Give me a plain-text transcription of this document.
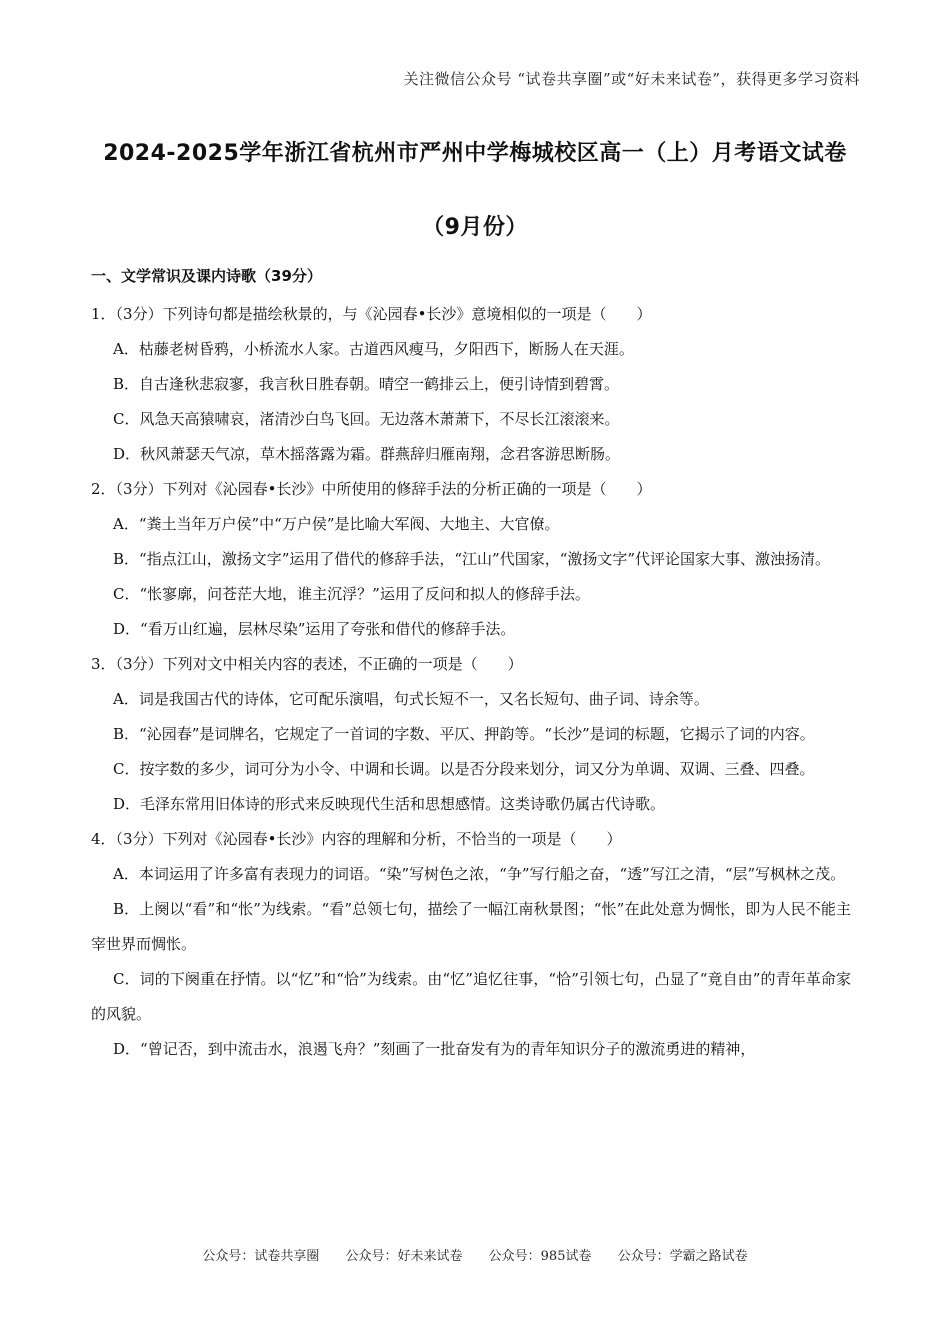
关注微信公众号 “试卷共享圈”或“好未来试卷”，获得更多学习资料
2024-2025学年浙江省杭州市严州中学梅城校区高一（上）月考语文试卷
（9月份）
一、文学常识及课内诗歌（39分）

1．（3分）下列诗句都是描绘秋景的，与《沁园春•长沙》意境相似的一项是（　　）

A．枯藤老树昏鸦，小桥流水人家。古道西风瘦马，夕阳西下，断肠人在天涯。

B．自古逢秋悲寂寥，我言秋日胜春朝。晴空一鹤排云上，便引诗情到碧霄。

C．风急天高猿啸哀，渚清沙白鸟飞回。无边落木萧萧下，不尽长江滚滚来。

D．秋风萧瑟天气凉，草木摇落露为霜。群燕辞归雁南翔，念君客游思断肠。

2．（3分）下列对《沁园春•长沙》中所使用的修辞手法的分析正确的一项是（　　）

A．“粪土当年万户侯”中“万户侯”是比喻大军阀、大地主、大官僚。

B．“指点江山，激扬文字”运用了借代的修辞手法，“江山”代国家，“激扬文字”代评论国家大事、激浊扬清。

C．“怅寥廓，问苍茫大地，谁主沉浮？”运用了反问和拟人的修辞手法。

D．“看万山红遍，层林尽染”运用了夸张和借代的修辞手法。

3．（3分）下列对文中相关内容的表述，不正确的一项是（　　）

A．词是我国古代的诗体，它可配乐演唱，句式长短不一，又名长短句、曲子词、诗余等。

B．“沁园春”是词牌名，它规定了一首词的字数、平仄、押韵等。“长沙”是词的标题，它揭示了词的内容。

C．按字数的多少，词可分为小令、中调和长调。以是否分段来划分，词又分为单调、双调、三叠、四叠。

D．毛泽东常用旧体诗的形式来反映现代生活和思想感情。这类诗歌仍属古代诗歌。

4．（3分）下列对《沁园春•长沙》内容的理解和分析，不恰当的一项是（　　）

A．本词运用了许多富有表现力的词语。“染”写树色之浓，“争”写行船之奋，“透”写江之清，“层”写枫林之茂。

B．上阕以“看”和“怅”为线索。“看”总领七句，描绘了一幅江南秋景图；“怅”在此处意为惆怅，即为人民不能主宰世界而惆怅。

C．词的下阕重在抒情。以“忆”和“恰”为线索。由“忆”追忆往事，“恰”引领七句，凸显了“竟自由”的青年革命家的风貌。

D．“曾记否，到中流击水，浪遏飞舟？”刻画了一批奋发有为的青年知识分子的激流勇进的精神，

公众号：试卷共享圈 公众号：好未来试卷 公众号：985试卷 公众号：学霸之路试卷
